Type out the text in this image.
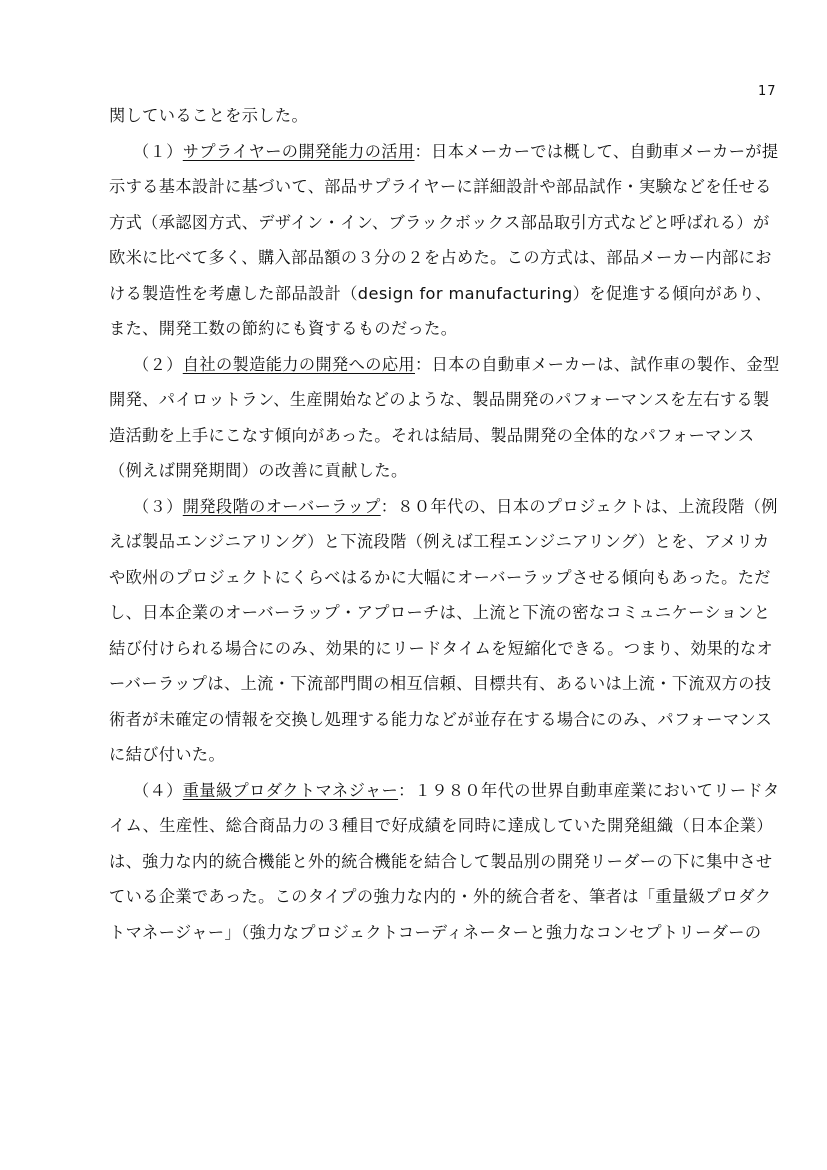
17
関していることを示した。
（１）サプライヤーの開発能力の活用：日本メーカーでは概して、自動車メーカーが提
示する基本設計に基づいて、部品サプライヤーに詳細設計や部品試作・実験などを任せる
方式（承認図方式、デザイン・イン、ブラックボックス部品取引方式などと呼ばれる）が
欧米に比べて多く、購入部品額の３分の２を占めた。この方式は、部品メーカー内部にお
ける製造性を考慮した部品設計（design for manufacturing）を促進する傾向があり、
また、開発工数の節約にも資するものだった。
（２）自社の製造能力の開発への応用：日本の自動車メーカーは、試作車の製作、金型
開発、パイロットラン、生産開始などのような、製品開発のパフォーマンスを左右する製
造活動を上手にこなす傾向があった。それは結局、製品開発の全体的なパフォーマンス
（例えば開発期間）の改善に貢献した。
（３）開発段階のオーバーラップ：８０年代の、日本のプロジェクトは、上流段階（例
えば製品エンジニアリング）と下流段階（例えば工程エンジニアリング）とを、アメリカ
や欧州のプロジェクトにくらべはるかに大幅にオーバーラップさせる傾向もあった。ただ
し、日本企業のオーバーラップ・アプローチは、上流と下流の密なコミュニケーションと
結び付けられる場合にのみ、効果的にリードタイムを短縮化できる。つまり、効果的なオ
ーバーラップは、上流・下流部門間の相互信頼、目標共有、あるいは上流・下流双方の技
術者が未確定の情報を交換し処理する能力などが並存在する場合にのみ、パフォーマンス
に結び付いた。
（４）重量級プロダクトマネジャー：１９８０年代の世界自動車産業においてリードタ
イム、生産性、総合商品力の３種目で好成績を同時に達成していた開発組織（日本企業）
は、強力な内的統合機能と外的統合機能を結合して製品別の開発リーダーの下に集中させ
ている企業であった。このタイプの強力な内的・外的統合者を、筆者は「重量級プロダク
トマネージャー」（強力なプロジェクトコーディネーターと強力なコンセプトリーダーの
